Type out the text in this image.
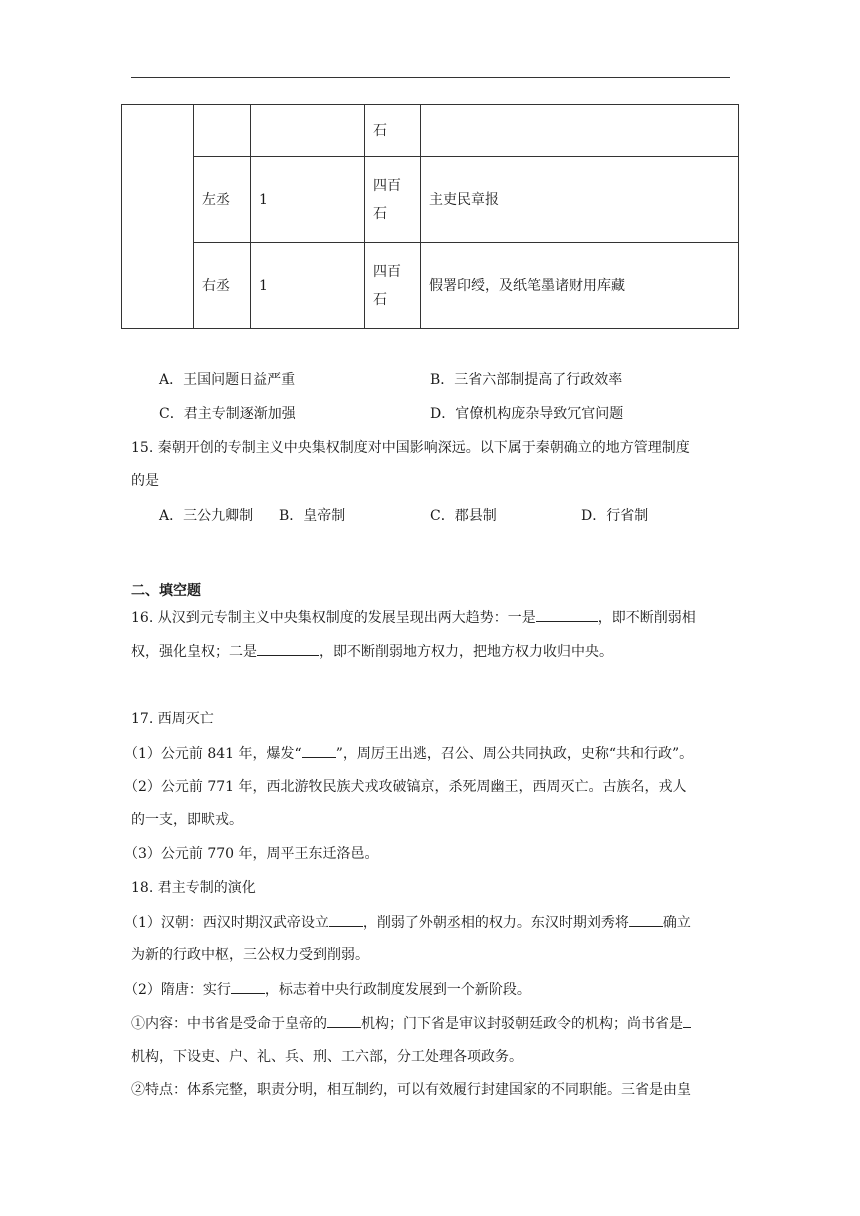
			石	
	左丞	1	四百
石	主吏民章报
	右丞	1	四百
石	假署印绶，及纸笔墨诸财用库藏
A．王国问题日益严重	B．三省六部制提高了行政效率
C．君主专制逐渐加强	D．官僚机构庞杂导致冗官问题
15. 秦朝开创的专制主义中央集权制度对中国影响深远。以下属于秦朝确立的地方管理制度
的是
A．三公九卿制 B．皇帝制	C．郡县制	D．行省制
二、填空题
16. 从汉到元专制主义中央集权制度的发展呈现出两大趋势：一是	，即不断削弱相
权，强化皇权；二是	，即不断削弱地方权力，把地方权力收归中央。
17. 西周灭亡
（1）公元前 841 年，爆发“ ”，周厉王出逃，召公、周公共同执政，史称“共和行政”。
（2）公元前 771 年，西北游牧民族犬戎攻破镐京，杀死周幽王，西周灭亡。古族名，戎人
的一支，即畎戎。
（3）公元前 770 年，周平王东迁洛邑。
18. 君主专制的演化
（1）汉朝：西汉时期汉武帝设立 ，削弱了外朝丞相的权力。东汉时期刘秀将 确立
为新的行政中枢，三公权力受到削弱。
（2）隋唐：实行 ，标志着中央行政制度发展到一个新阶段。
①内容：中书省是受命于皇帝的 机构；门下省是审议封驳朝廷政令的机构；尚书省是
机构，下设吏、户、礼、兵、刑、工六部，分工处理各项政务。
②特点：体系完整，职责分明，相互制约，可以有效履行封建国家的不同职能。三省是由皇
